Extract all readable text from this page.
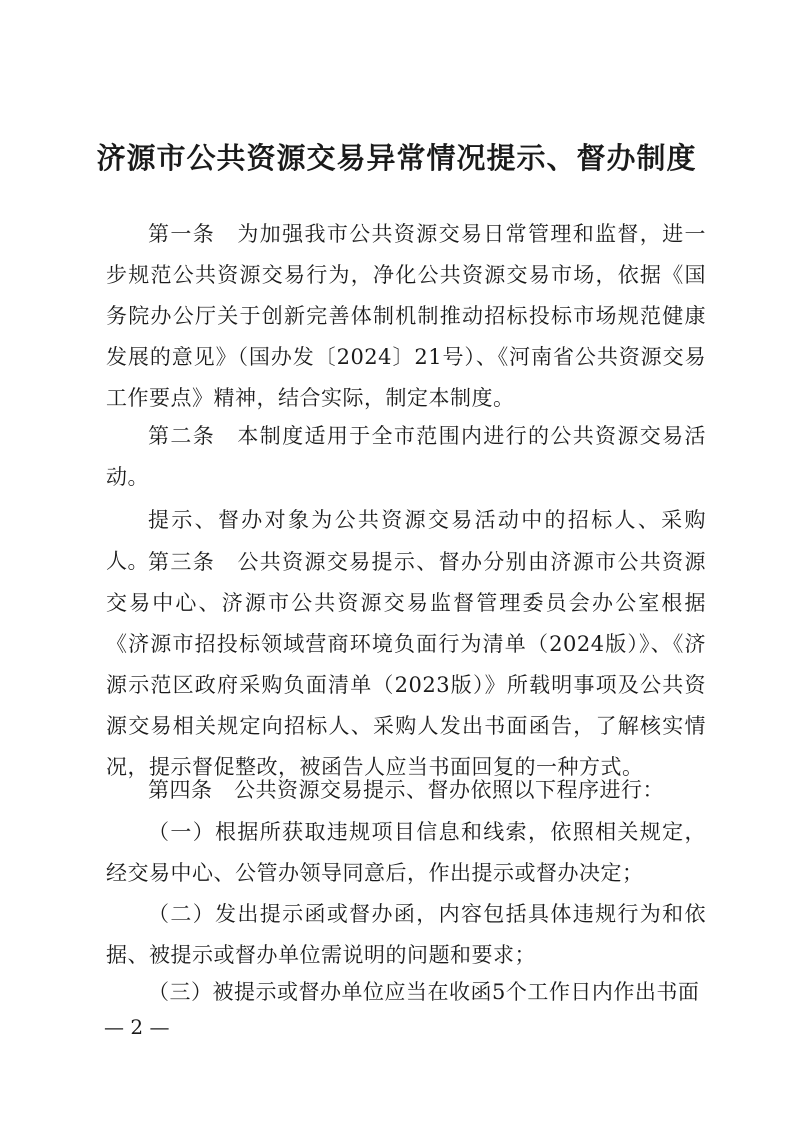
济源市公共资源交易异常情况提示、督办制度
第一条　为加强我市公共资源交易日常管理和监督，进一步规范公共资源交易行为，净化公共资源交易市场，依据《国务院办公厅关于创新完善体制机制推动招标投标市场规范健康发展的意见》（国办发〔2024〕21号）、《河南省公共资源交易工作要点》精神，结合实际，制定本制度。
第二条　本制度适用于全市范围内进行的公共资源交易活动。
提示、督办对象为公共资源交易活动中的招标人、采购人。 第三条　公共资源交易提示、督办分别由济源市公共资源交易中心、济源市公共资源交易监督管理委员会办公室根据《济源市招投标领域营商环境负面行为清单（2024版）》、《济源示范区政府采购负面清单（2023版）》所载明事项及公共资源交易相关规定向招标人、采购人发出书面函告，了解核实情况，提示督促整改，被函告人应当书面回复的一种方式。
第四条　公共资源交易提示、督办依照以下程序进行：
（一）根据所获取违规项目信息和线索，依照相关规定，经交易中心、公管办领导同意后，作出提示或督办决定；
（二）发出提示函或督办函，内容包括具体违规行为和依据、被提示或督办单位需说明的问题和要求；
（三）被提示或督办单位应当在收函5个工作日内作出书面
— 2 —
